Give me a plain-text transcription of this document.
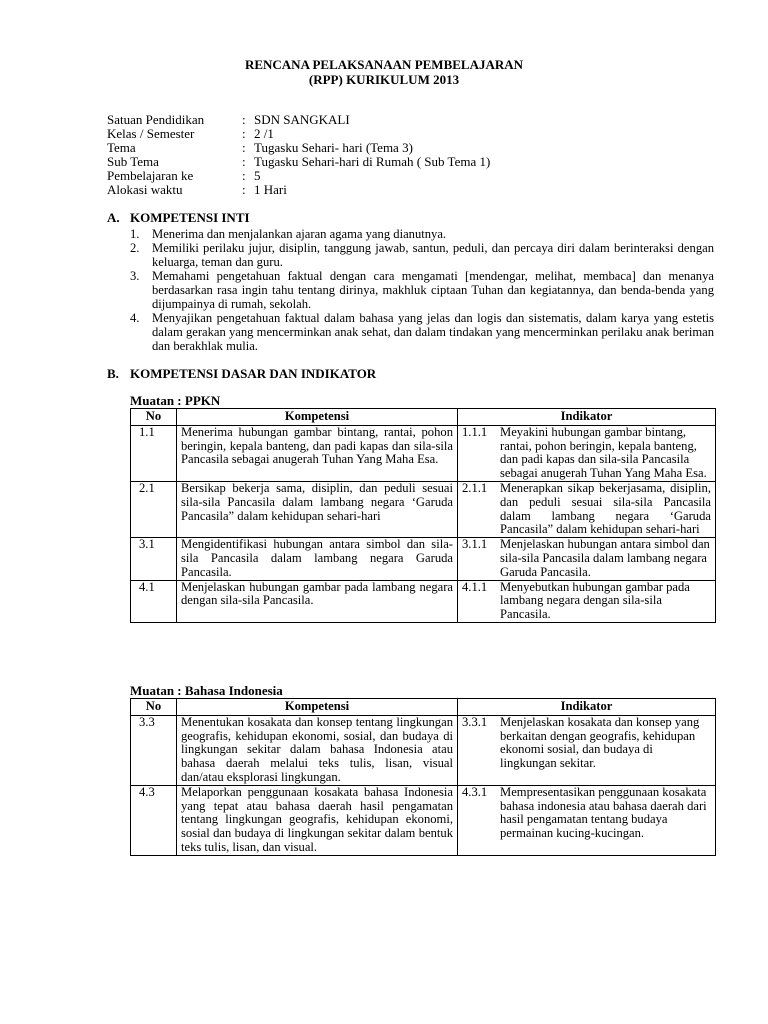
RENCANA PELAKSANAAN PEMBELAJARAN
(RPP) KURIKULUM 2013
Satuan Pendidikan	: SDN SANGKALI
Kelas / Semester	: 2 /1
Tema	: Tugasku Sehari- hari (Tema 3)
Sub Tema	: Tugasku Sehari-hari di Rumah ( Sub Tema 1)
Pembelajaran ke	: 5
Alokasi waktu	: 1 Hari
A. KOMPETENSI INTI
1. Menerima dan menjalankan ajaran agama yang dianutnya.
2. Memiliki perilaku jujur, disiplin, tanggung jawab, santun, peduli, dan percaya diri dalam berinteraksi dengan keluarga, teman dan guru.
3. Memahami pengetahuan faktual dengan cara mengamati [mendengar, melihat, membaca] dan menanya berdasarkan rasa ingin tahu tentang dirinya, makhluk ciptaan Tuhan dan kegiatannya, dan benda-benda yang dijumpainya di rumah, sekolah.
4. Menyajikan pengetahuan faktual dalam bahasa yang jelas dan logis dan sistematis, dalam karya yang estetis dalam gerakan yang mencerminkan anak sehat, dan dalam tindakan yang mencerminkan perilaku anak beriman dan berakhlak mulia.
B. KOMPETENSI DASAR DAN INDIKATOR
Muatan : PPKN
No	Kompetensi	Indikator
1.1	Menerima hubungan gambar bintang, rantai, pohon beringin, kepala banteng, dan padi kapas dan sila-sila Pancasila sebagai anugerah Tuhan Yang Maha Esa.	1.1.1 Meyakini hubungan gambar bintang, rantai, pohon beringin, kepala banteng, dan padi kapas dan sila-sila Pancasila sebagai anugerah Tuhan Yang Maha Esa.

2.1	Bersikap bekerja sama, disiplin, dan peduli sesuai sila-sila Pancasila dalam lambang negara ‘Garuda Pancasila” dalam kehidupan sehari-hari	2.1.1 Menerapkan sikap bekerjasama, disiplin, dan peduli sesuai sila-sila Pancasila dalam lambang negara ‘Garuda Pancasila” dalam kehidupan sehari-hari

3.1	Mengidentifikasi hubungan antara simbol dan sila-sila Pancasila dalam lambang negara Garuda Pancasila.	3.1.1 Menjelaskan hubungan antara simbol dan sila-sila Pancasila dalam lambang negara Garuda Pancasila.

4.1	Menjelaskan hubungan gambar pada lambang negara dengan sila-sila Pancasila.	4.1.1 Menyebutkan hubungan gambar pada lambang negara dengan sila-sila Pancasila.
Muatan : Bahasa Indonesia
No	Kompetensi	Indikator
3.3	Menentukan kosakata dan konsep tentang lingkungan geografis, kehidupan ekonomi, sosial, dan budaya di lingkungan sekitar dalam bahasa Indonesia atau bahasa daerah melalui teks tulis, lisan, visual dan/atau eksplorasi lingkungan.	3.3.1 Menjelaskan kosakata dan konsep yang berkaitan dengan geografis, kehidupan ekonomi sosial, dan budaya di lingkungan sekitar.

4.3	Melaporkan penggunaan kosakata bahasa Indonesia yang tepat atau bahasa daerah hasil pengamatan tentang lingkungan geografis, kehidupan ekonomi, sosial dan budaya di lingkungan sekitar dalam bentuk teks tulis, lisan, dan visual.	4.3.1 Mempresentasikan penggunaan kosakata bahasa indonesia atau bahasa daerah dari hasil pengamatan tentang budaya permainan kucing-kucingan.
